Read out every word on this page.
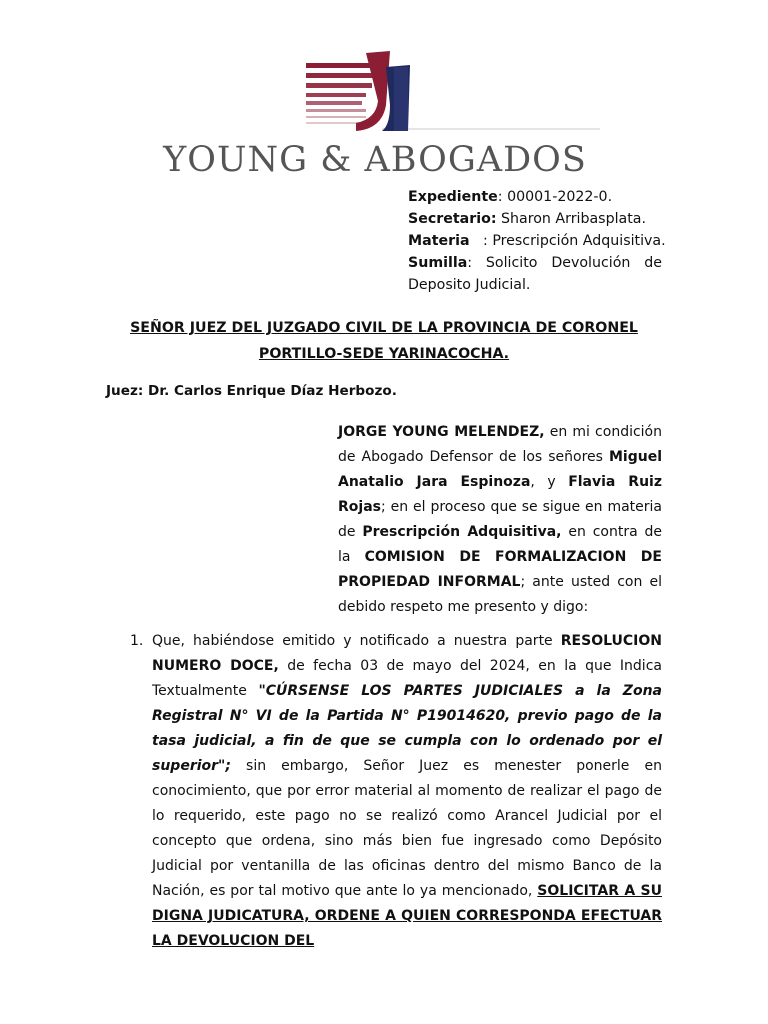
YOUNG & ABOGADOS
Expediente: 00001-2022-0.
Secretario: Sharon Arribasplata.
Materia   : Prescripción Adquisitiva.
Sumilla: Solicito Devolución de
Deposito Judicial.
SEÑOR JUEZ DEL JUZGADO CIVIL DE LA PROVINCIA DE CORONEL
PORTILLO-SEDE YARINACOCHA.
Juez: Dr. Carlos Enrique Díaz Herbozo.
JORGE YOUNG MELENDEZ, en mi condición de Abogado Defensor de los señores Miguel Anatalio Jara Espinoza, y Flavia Ruiz Rojas; en el proceso que se sigue en materia de Prescripción Adquisitiva, en contra de la COMISION DE FORMALIZACION DE PROPIEDAD INFORMAL; ante usted con el debido respeto me presento y digo:
1. Que, habiéndose emitido y notificado a nuestra parte RESOLUCION NUMERO DOCE, de fecha 03 de mayo del 2024, en la que Indica Textualmente "CÚRSENSE LOS PARTES JUDICIALES a la Zona Registral N° VI de la Partida N° P19014620, previo pago de la tasa judicial, a fin de que se cumpla con lo ordenado por el superior"; sin embargo, Señor Juez es menester ponerle en conocimiento, que por error material al momento de realizar el pago de lo requerido, este pago no se realizó como Arancel Judicial por el concepto que ordena, sino más bien fue ingresado como Depósito Judicial por ventanilla de las oficinas dentro del mismo Banco de la Nación, es por tal motivo que ante lo ya mencionado, SOLICITAR A SU DIGNA JUDICATURA, ORDENE A QUIEN CORRESPONDA EFECTUAR LA DEVOLUCION DEL
